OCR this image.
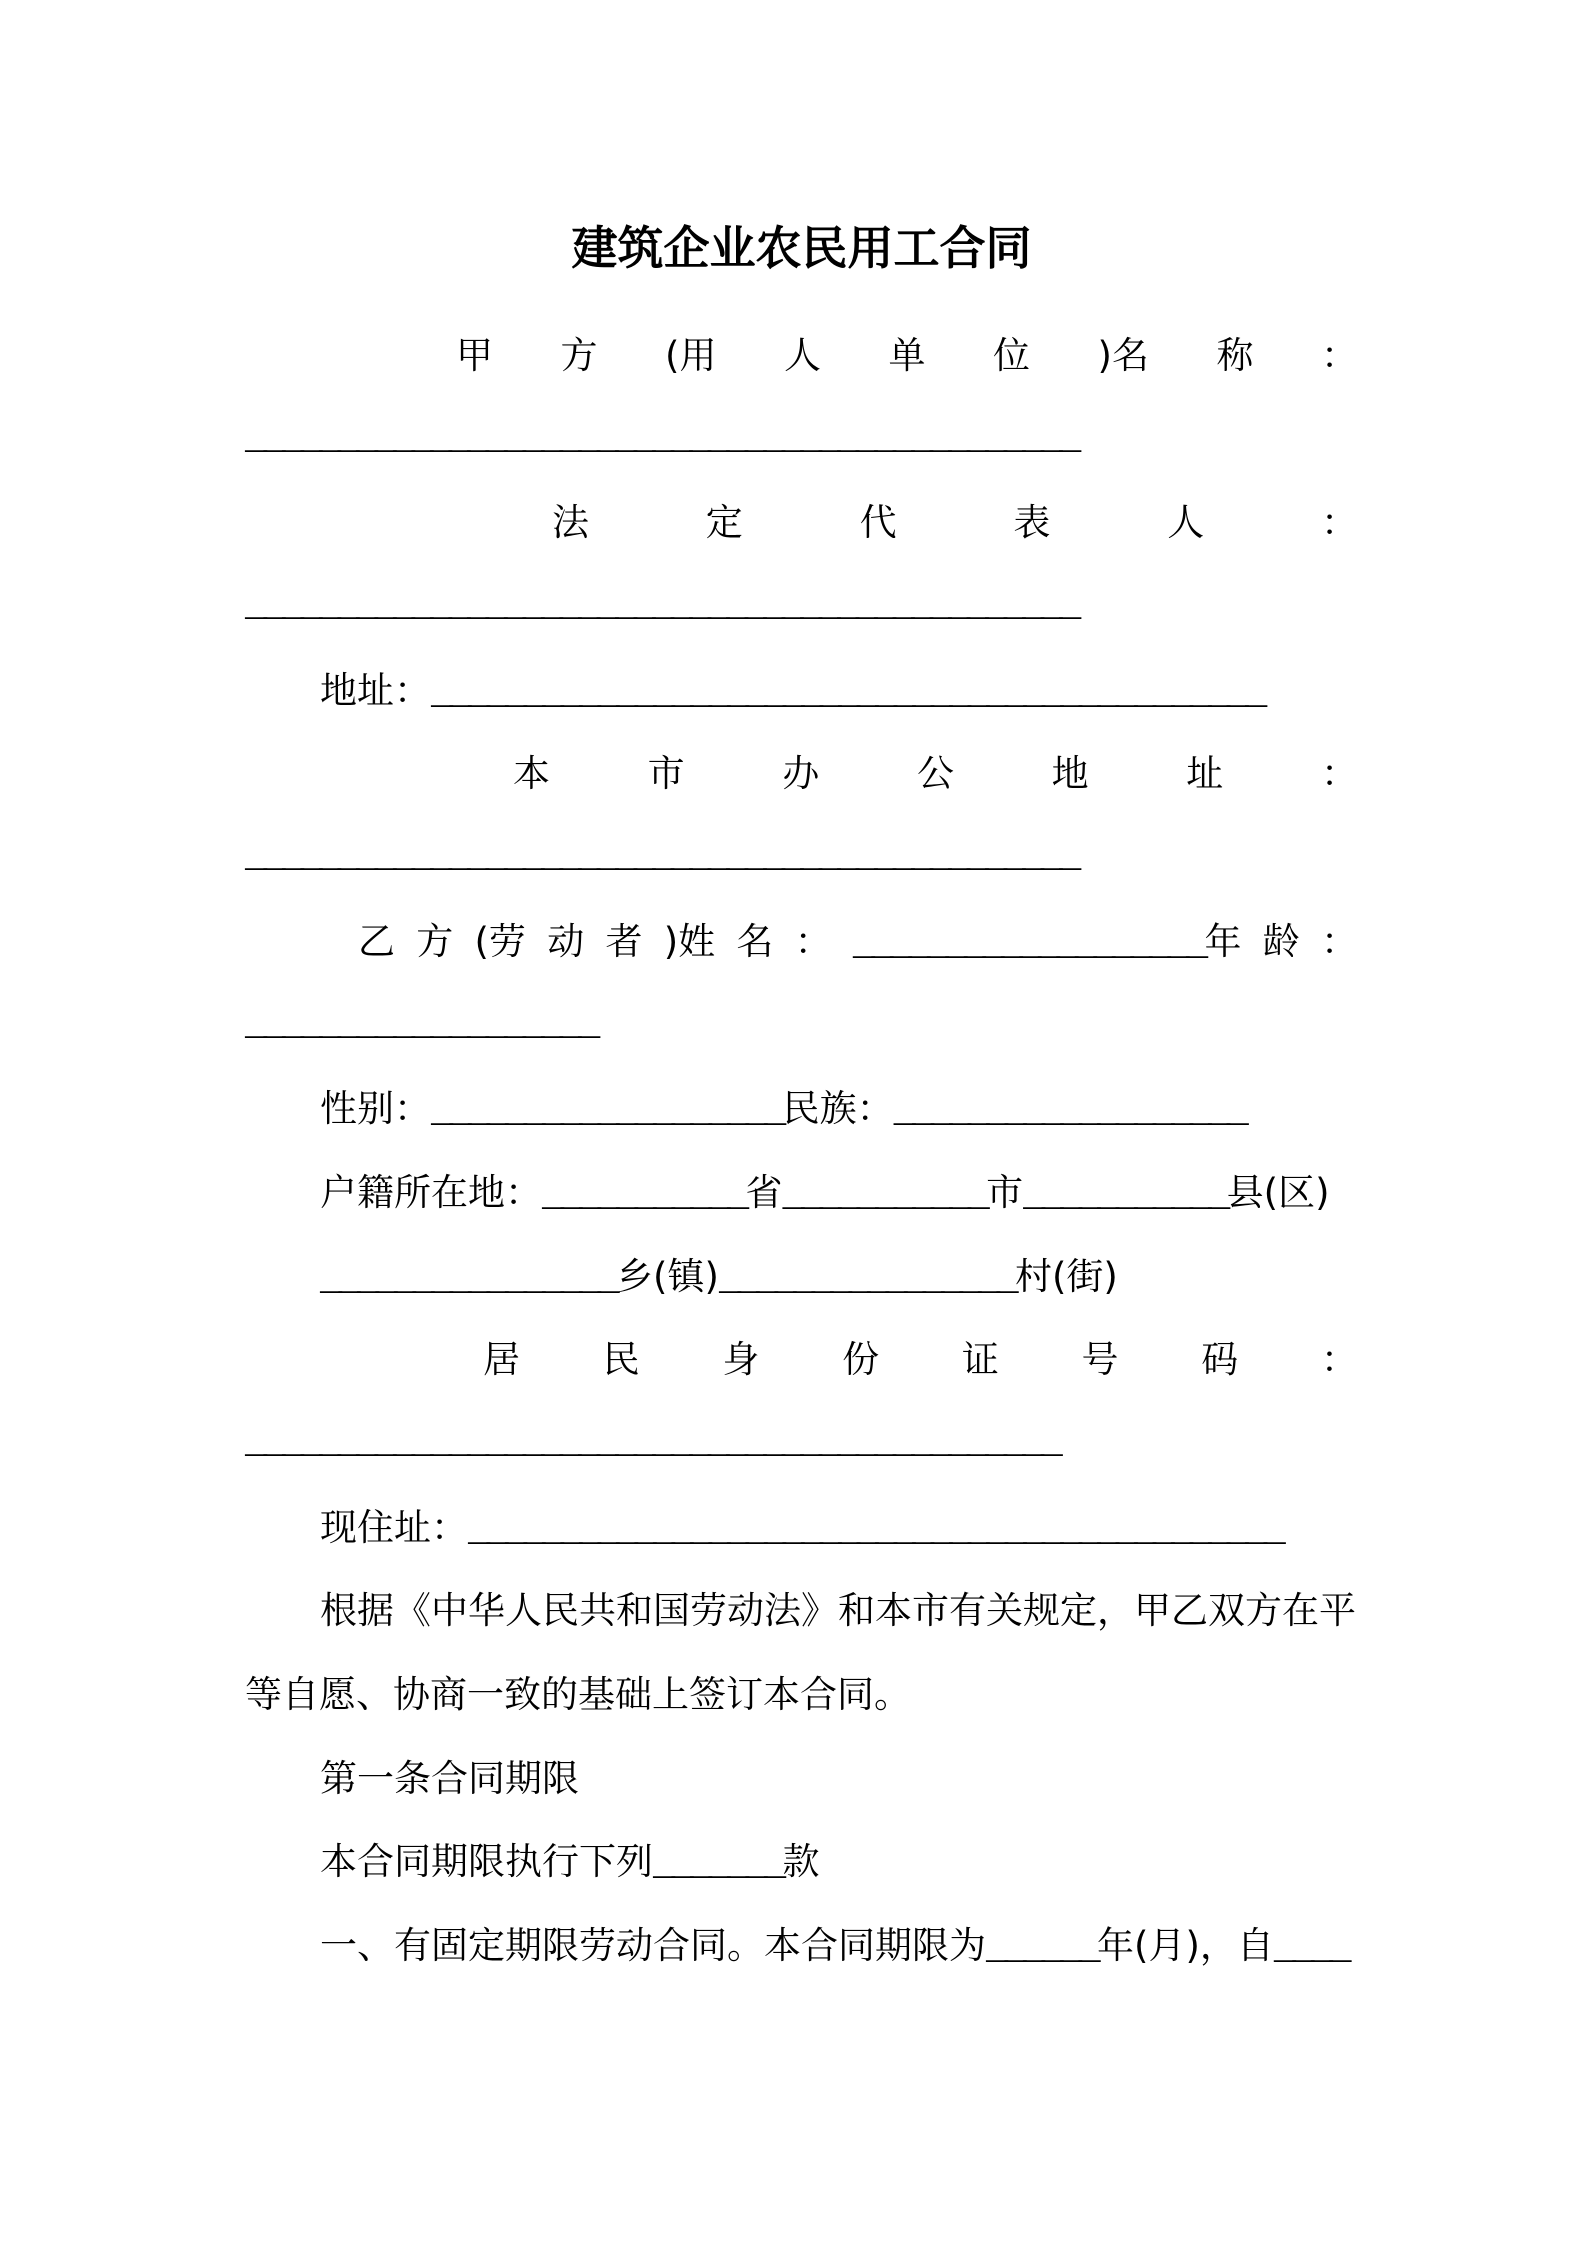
建筑企业农民用工合同
甲 方 (用 人 单 位 )名 称 ：
_____________________________________________
法	定	代	表	人	：
_____________________________________________
地址： _____________________________________________
本	市	办	公	地	址	：
_____________________________________________
乙 方 (劳 动 者 )姓 名 ： ___________________年 龄 ：
___________________
性别： ___________________ 民族： ___________________
户籍所在地： ___________ 省 ___________ 市 ___________ 县(区)
________________ 乡(镇) ________________ 村(街)
居 民 身 份 证 号 码 ：
____________________________________________
现住址： ____________________________________________
根据《中华人民共和国劳动法》和本市有关规定，甲乙双方在平
等自愿、协商一致的基础上签订本合同。
第一条合同期限
本合同期限执行下列 _______ 款
一、有固定期限劳动合同。本合同期限为 ______ 年(月)，自 ____
